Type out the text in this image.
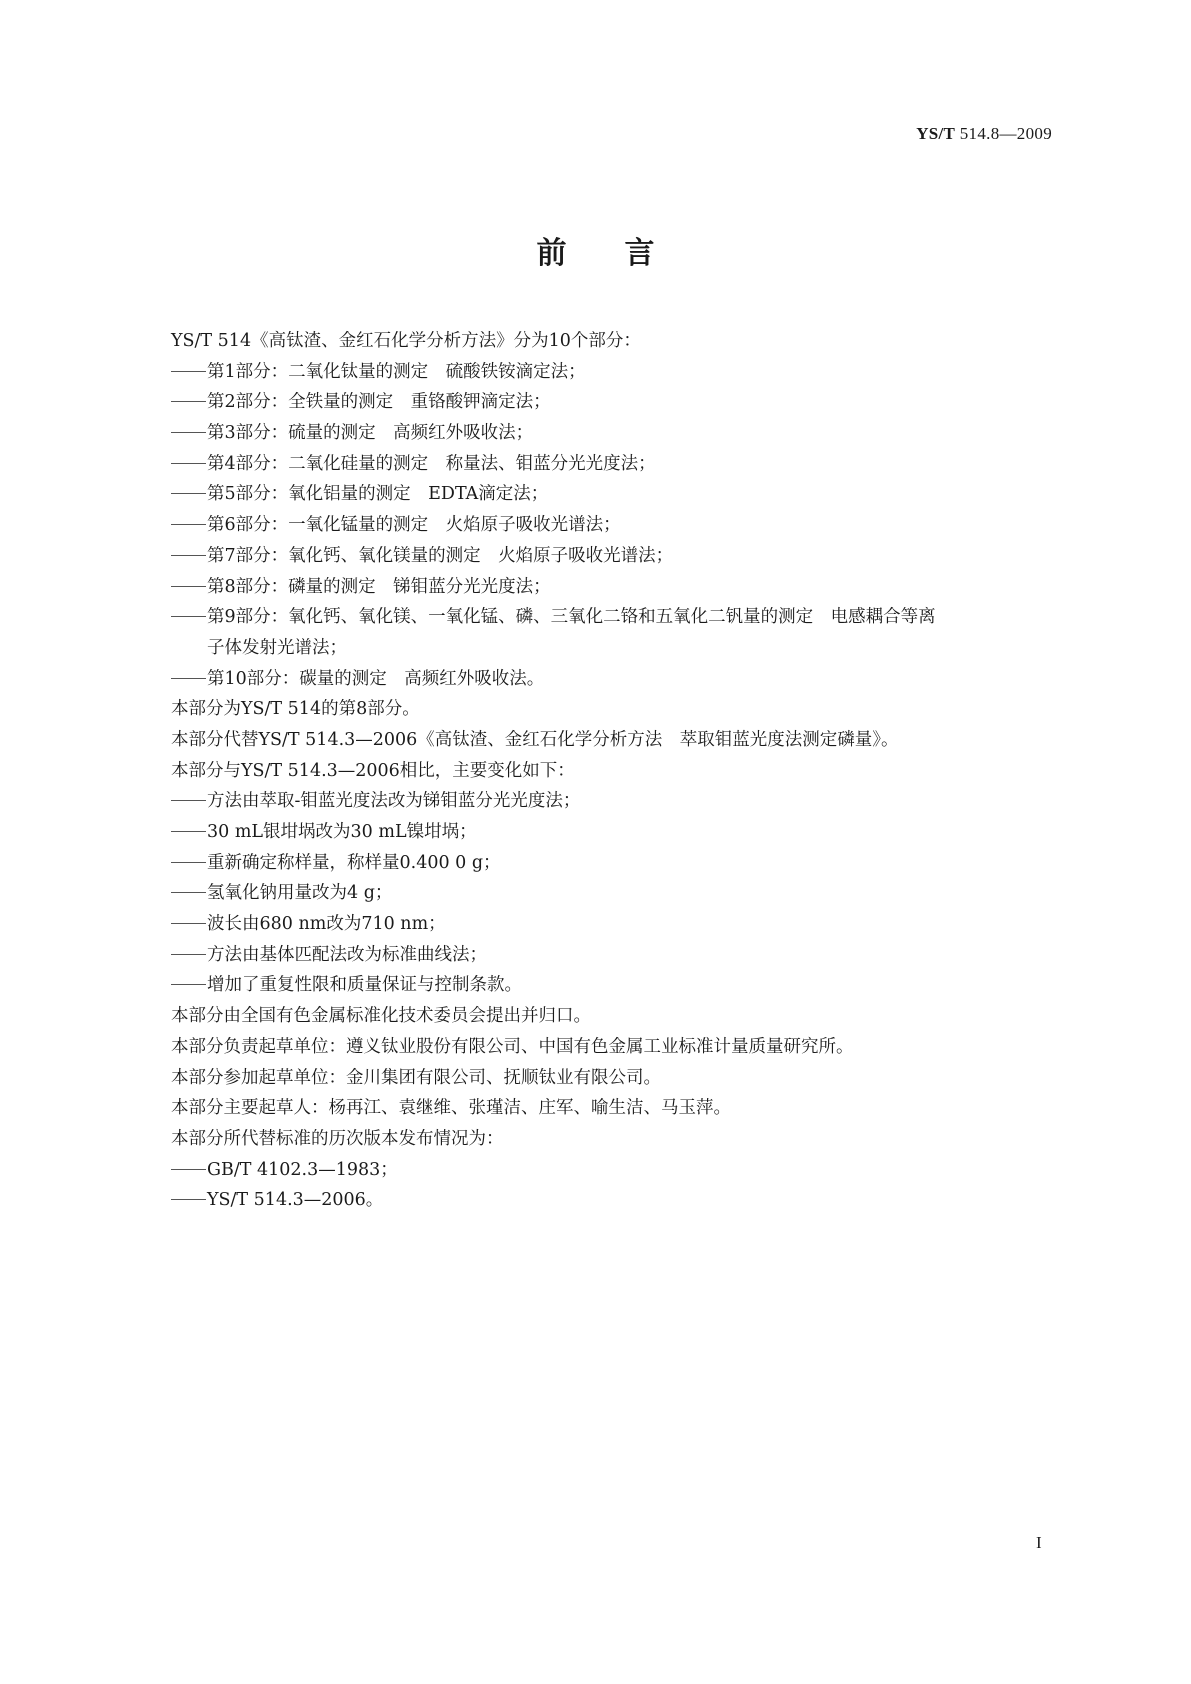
YS/T 514.8—2009
前言
YS/T 514《高钛渣、金红石化学分析方法》分为10个部分：
第1部分：二氧化钛量的测定　硫酸铁铵滴定法；
第2部分：全铁量的测定　重铬酸钾滴定法；
第3部分：硫量的测定　高频红外吸收法；
第4部分：二氧化硅量的测定　称量法、钼蓝分光光度法；
第5部分：氧化铝量的测定　EDTA滴定法；
第6部分：一氧化锰量的测定　火焰原子吸收光谱法；
第7部分：氧化钙、氧化镁量的测定　火焰原子吸收光谱法；
第8部分：磷量的测定　锑钼蓝分光光度法；
第9部分：氧化钙、氧化镁、一氧化锰、磷、三氧化二铬和五氧化二钒量的测定　电感耦合等离
子体发射光谱法；
第10部分：碳量的测定　高频红外吸收法。
本部分为YS/T 514的第8部分。
本部分代替YS/T 514.3—2006《高钛渣、金红石化学分析方法　萃取钼蓝光度法测定磷量》。
本部分与YS/T 514.3—2006相比，主要变化如下：
方法由萃取-钼蓝光度法改为锑钼蓝分光光度法；
30 mL银坩埚改为30 mL镍坩埚；
重新确定称样量，称样量0.400 0 g；
氢氧化钠用量改为4 g；
波长由680 nm改为710 nm；
方法由基体匹配法改为标准曲线法；
增加了重复性限和质量保证与控制条款。
本部分由全国有色金属标准化技术委员会提出并归口。
本部分负责起草单位：遵义钛业股份有限公司、中国有色金属工业标准计量质量研究所。
本部分参加起草单位：金川集团有限公司、抚顺钛业有限公司。
本部分主要起草人：杨再江、袁继维、张瑾洁、庄军、喻生洁、马玉萍。
本部分所代替标准的历次版本发布情况为：
GB/T 4102.3—1983；
YS/T 514.3—2006。
I
